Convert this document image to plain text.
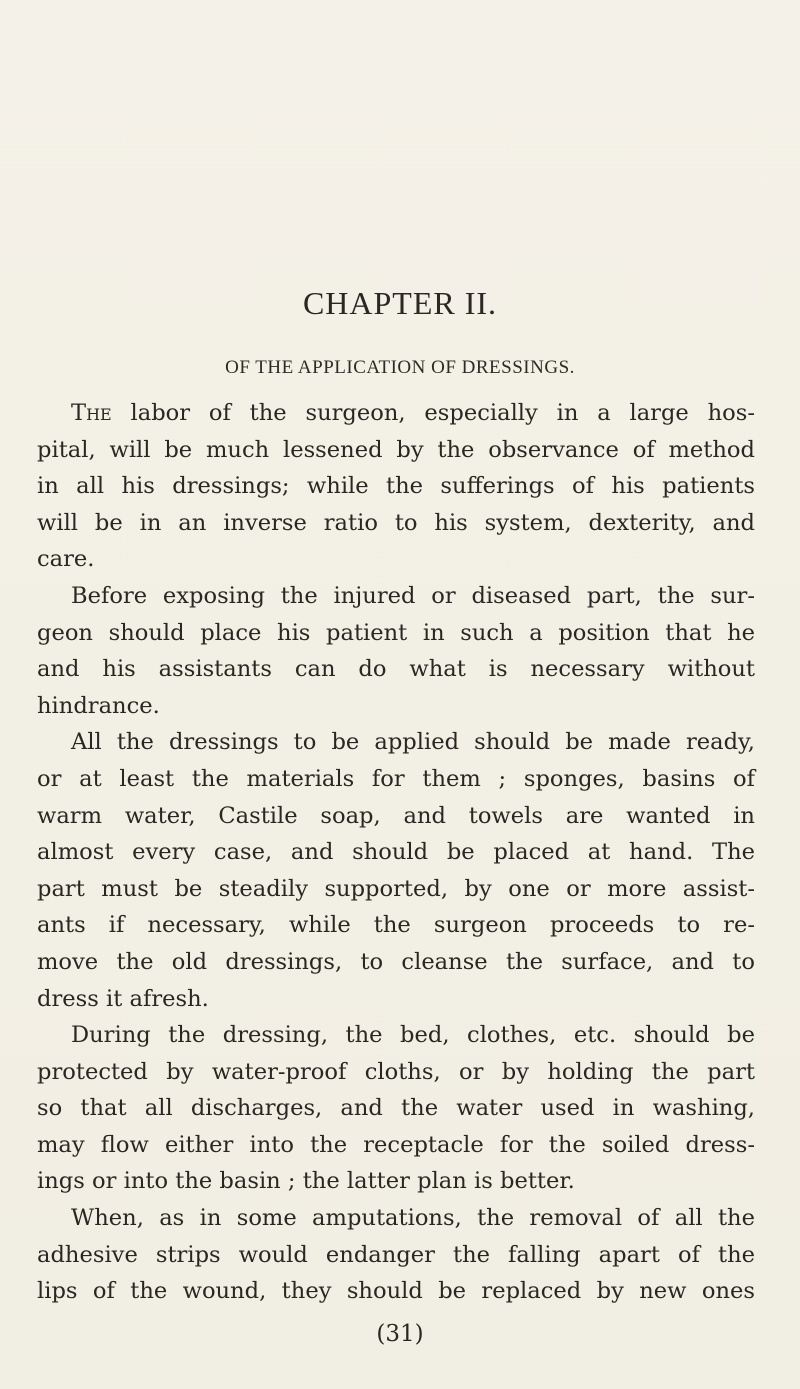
CHAPTER II.
OF THE APPLICATION OF DRESSINGS.
The labor of the surgeon, especially in a large hos-
pital, will be much lessened by the observance of method
in all his dressings; while the sufferings of his patients
will be in an inverse ratio to his system, dexterity, and
care.
Before exposing the injured or diseased part, the sur-
geon should place his patient in such a position that he
and his assistants can do what is necessary without
hindrance.
All the dressings to be applied should be made ready,
or at least the materials for them ; sponges, basins of
warm water, Castile soap, and towels are wanted in
almost every case, and should be placed at hand. The
part must be steadily supported, by one or more assist-
ants if necessary, while the surgeon proceeds to re-
move the old dressings, to cleanse the surface, and to
dress it afresh.
During the dressing, the bed, clothes, etc. should be
protected by water-proof cloths, or by holding the part
so that all discharges, and the water used in washing,
may flow either into the receptacle for the soiled dress-
ings or into the basin ; the latter plan is better.
When, as in some amputations, the removal of all the
adhesive strips would endanger the falling apart of the
lips of the wound, they should be replaced by new ones
(31)
